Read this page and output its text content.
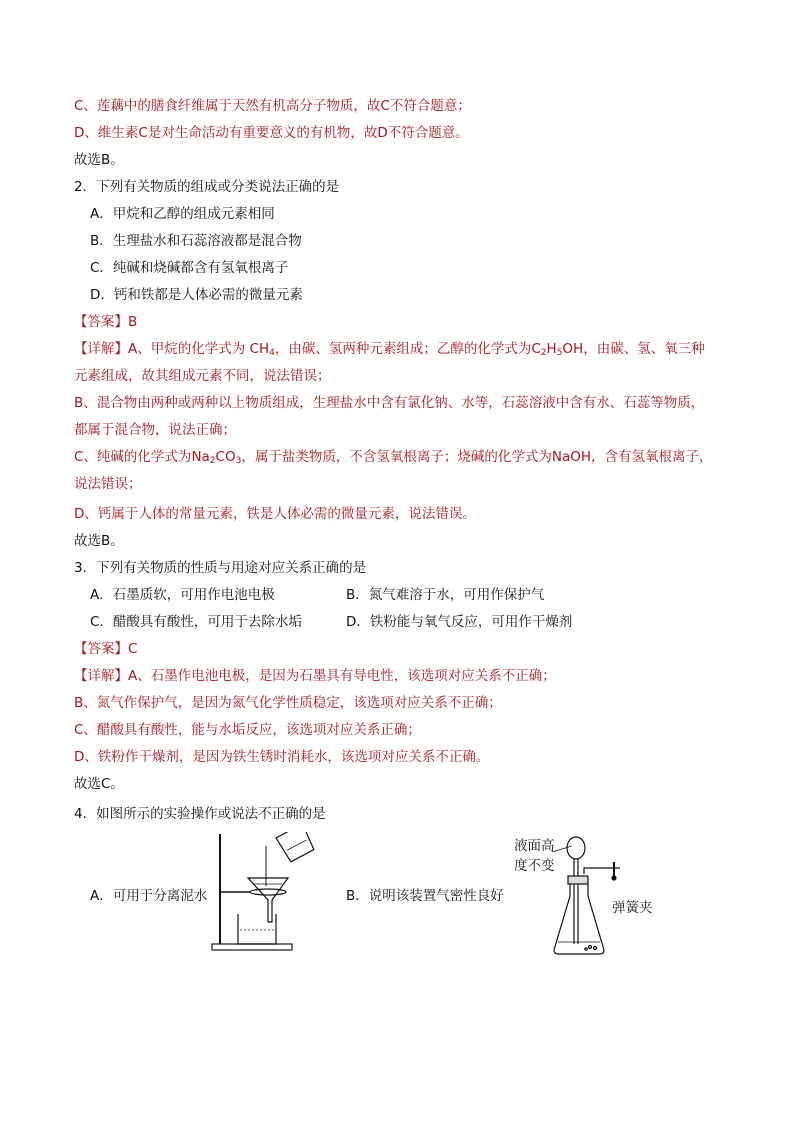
C、莲藕中的膳食纤维属于天然有机高分子物质，故C不符合题意；
D、维生素C是对生命活动有重要意义的有机物，故D不符合题意。
故选B。
2．下列有关物质的组成或分类说法正确的是
A．甲烷和乙醇的组成元素相同
B．生理盐水和石蕊溶液都是混合物
C．纯碱和烧碱都含有氢氧根离子
D．钙和铁都是人体必需的微量元素
【答案】B
【详解】A、甲烷的化学式为 $CH_4$，由碳、氢两种元素组成；乙醇的化学式为$C_2H_5OH$，由碳、氢、氧三种
元素组成，故其组成元素不同，说法错误；
B、混合物由两种或两种以上物质组成，生理盐水中含有氯化钠、水等，石蕊溶液中含有水、石蕊等物质，
都属于混合物，说法正确；
C、纯碱的化学式为$Na_2CO_3$，属于盐类物质，不含氢氧根离子；烧碱的化学式为NaOH，含有氢氧根离子，
说法错误；
D、钙属于人体的常量元素，铁是人体必需的微量元素，说法错误。
故选B。
3．下列有关物质的性质与用途对应关系正确的是
A．石墨质软，可用作电池电极	B．氮气难溶于水，可用作保护气
C．醋酸具有酸性，可用于去除水垢	D．铁粉能与氧气反应，可用作干燥剂
【答案】C
【详解】A、石墨作电池电极，是因为石墨具有导电性，该选项对应关系不正确；
B、氮气作保护气，是因为氮气化学性质稳定，该选项对应关系不正确；
C、醋酸具有酸性，能与水垢反应，该选项对应关系正确；
D、铁粉作干燥剂，是因为铁生锈时消耗水，该选项对应关系不正确。
故选C。
4．如图所示的实验操作或说法不正确的是
A．可用于分离泥水	B．说明该装置气密性良好
液面高
度不变
弹簧夹
